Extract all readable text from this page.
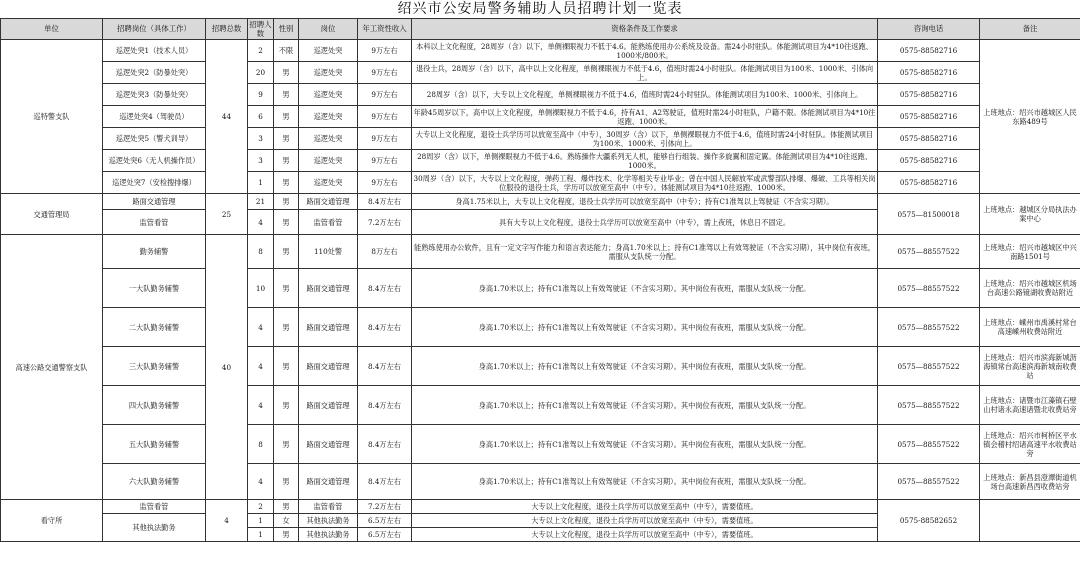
绍兴市公安局警务辅助人员招聘计划一览表
单位	招聘岗位（具体工作）	招聘总数	招聘人数	性别	岗位	年工资性收入	资格条件及工作要求	咨询电话	备注
巡特警支队	巡逻处突1（技术人员）	44	2	不限	巡逻处突	9万左右	本科以上文化程度，28周岁（含）以下，单侧裸眼视力不低于4.6。能熟练使用办公系统及设备。需24小时驻队。体能测试项目为4*10往返跑、1000米/800米。	0575-88582716	上班地点：绍兴市越城区人民东路489号
	巡逻处突2（防暴处突）		20	男	巡逻处突	9万左右	退役士兵，28周岁（含）以下，高中以上文化程度，单侧裸眼视力不低于4.6，值班时需24小时驻队。体能测试项目为100米、1000米、引体向上。	0575-88582716	
	巡逻处突3（防暴处突）		9	男	巡逻处突	9万左右	28周岁（含）以下，大专以上文化程度，单侧裸眼视力不低于4.6，值班时需24小时驻队。体能测试项目为100米、1000米、引体向上。	0575-88582716	
	巡逻处突4（驾驶员）		6	男	巡逻处突	9万左右	年龄45周岁以下，高中以上文化程度，单侧裸眼视力不低于4.6，持有A1、A2驾驶证，值班时需24小时驻队，户籍不限。体能测试项目为4*10往返跑、1000米。	0575-88582716	
	巡逻处突5（警犬训导）		3	男	巡逻处突	9万左右	大专以上文化程度，退役士兵学历可以放宽至高中（中专），30周岁（含）以下，单侧裸眼视力不低于4.6，值班时需24小时驻队。体能测试项目为100米、1000米、引体向上。	0575-88582716	
	巡逻处突6（无人机操作员）		3	男	巡逻处突	9万左右	28周岁（含）以下，单侧裸眼视力不低于4.6。熟练操作大疆系列无人机，能够自行组装、操作多旋翼和固定翼。体能测试项目为4*10往返跑、1000米。	0575-88582716	
	巡逻处突7（安检搜排爆）		1	男	巡逻处突	9万左右	30周岁（含）以下，大专以上文化程度，弹药工程、爆炸技术、化学等相关专业毕业；曾在中国人民解放军或武警部队排爆、爆破、工兵等相关岗位服役的退役士兵，学历可以放宽至高中（中专）。体能测试项目为4*10往返跑、1000米。	0575-88582716	
交通管理局	路面交通管理	25	21	男	路面交通管理	8.4万左右	身高1.75米以上，大专以上文化程度，退役士兵学历可以放宽至高中（中专）；持有C1准驾以上驾驶证（不含实习期）。	0575—81500018	上班地点：越城区分局执法办案中心
	监管看管		4	男	监管看管	7.2万左右	具有大专以上文化程度，退役士兵学历可以放宽至高中（中专），需上夜班，休息日不固定。		
高速公路交通警察支队	勤务辅警	40	8	男	110处警	8万左右	能熟练使用办公软件，且有一定文字写作能力和语言表达能力；身高1.70米以上；持有C1准驾以上有效驾驶证（不含实习期），其中岗位有夜班，需服从支队统一分配。	0575—88557522	上班地点：绍兴市越城区中兴南路1501号
	一大队勤务辅警		10	男	路面交通管理	8.4万左右	身高1.70米以上；持有C1准驾以上有效驾驶证（不含实习期）。其中岗位有夜班，需服从支队统一分配。	0575—88557522	上班地点：绍兴市越城区机场台高速公路镜湖收费站附近
	二大队勤务辅警		4	男	路面交通管理	8.4万左右	身高1.70米以上；持有C1准驾以上有效驾驶证（不含实习期）。其中岗位有夜班，需服从支队统一分配。	0575—88557522	上班地点：嵊州市禹溪村常台高速嵊州收费站附近
	三大队勤务辅警		4	男	路面交通管理	8.4万左右	身高1.70米以上；持有C1准驾以上有效驾驶证（不含实习期）。其中岗位有夜班，需服从支队统一分配。	0575—88557522	上班地点：绍兴市滨海新城沥海镇常台高速滨海新城南收费站
	四大队勤务辅警		4	男	路面交通管理	8.4万左右	身高1.70米以上；持有C1准驾以上有效驾驶证（不含实习期）。其中岗位有夜班，需服从支队统一分配。	0575—88557522	上班地点：诸暨市江藻镇石壁山村诸永高速诸暨北收费站旁
	五大队勤务辅警		8	男	路面交通管理	8.4万左右	身高1.70米以上；持有C1准驾以上有效驾驶证（不含实习期）。其中岗位有夜班，需服从支队统一分配。	0575—88557522	上班地点：绍兴市柯桥区平水镇会稽村绍诸高速平水收费站旁
	六大队勤务辅警		4	男	路面交通管理	8.4万左右	身高1.70米以上；持有C1准驾以上有效驾驶证（不含实习期）。其中岗位有夜班，需服从支队统一分配。	0575—88557522	上班地点：新昌县澄潭街道机场台高速新昌西收费站旁
看守所	监管看管	4	2	男	监管看管	7.2万左右	大专以上文化程度，退役士兵学历可以放宽至高中（中专），需要值班。	0575-88582652	
	其他执法勤务		1	女	其他执法勤务	6.5万左右	大专以上文化程度，退役士兵学历可以放宽至高中（中专），需要值班。		
			1	男	其他执法勤务	6.5万左右	大专以上文化程度，退役士兵学历可以放宽至高中（中专），需要值班。		
